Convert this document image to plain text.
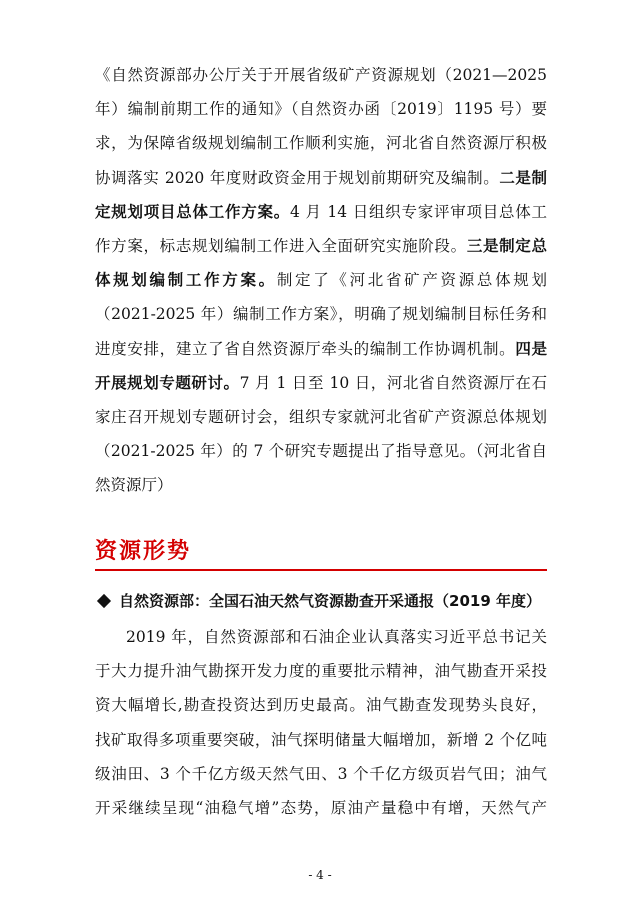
《自然资源部办公厅关于开展省级矿产资源规划（2021—2025
年）编制前期工作的通知》（自然资办函〔2019〕1195 号）要
求，为保障省级规划编制工作顺利实施，河北省自然资源厅积极
协调落实 2020 年度财政资金用于规划前期研究及编制。二是制
定规划项目总体工作方案。4 月 14 日组织专家评审项目总体工
作方案，标志规划编制工作进入全面研究实施阶段。三是制定总
体规划编制工作方案。制定了《河北省矿产资源总体规划
（2021-2025 年）编制工作方案》，明确了规划编制目标任务和
进度安排，建立了省自然资源厅牵头的编制工作协调机制。四是
开展规划专题研讨。7 月 1 日至 10 日，河北省自然资源厅在石
家庄召开规划专题研讨会，组织专家就河北省矿产资源总体规划
（2021-2025 年）的 7 个研究专题提出了指导意见。（河北省自
然资源厅）
资源形势
自然资源部：全国石油天然气资源勘查开采通报（2019 年度）
2019 年，自然资源部和石油企业认真落实习近平总书记关
于大力提升油气勘探开发力度的重要批示精神，油气勘查开采投
资大幅增长,勘查投资达到历史最高。油气勘查发现势头良好，
找矿取得多项重要突破，油气探明储量大幅增加，新增 2 个亿吨
级油田、3 个千亿方级天然气田、3 个千亿方级页岩气田；油气
开采继续呈现“油稳气增”态势，原油产量稳中有增，天然气产
- 4 -
